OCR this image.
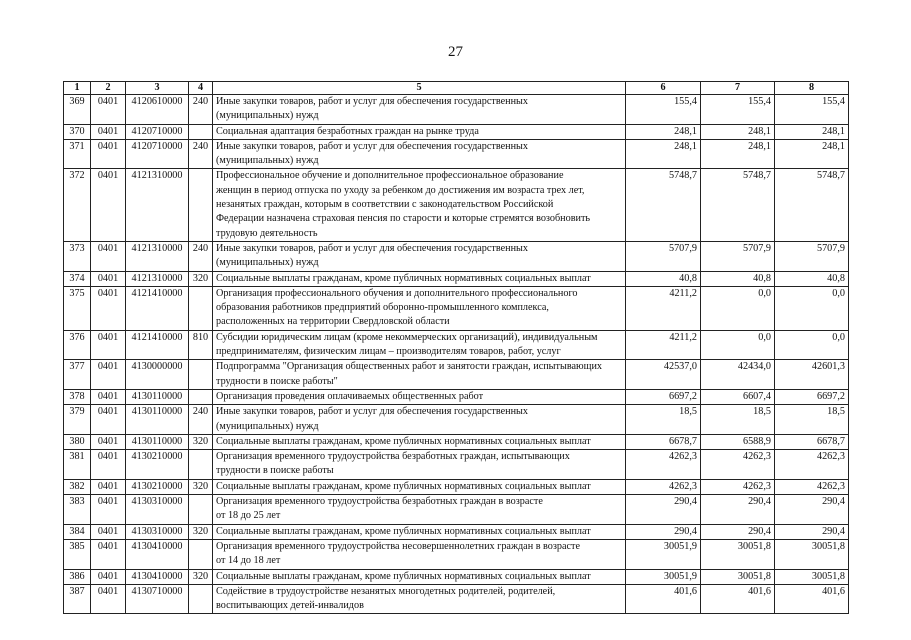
27
1	2	3	4	5	6	7	8
369	0401	4120610000	240	Иные закупки товаров, работ и услуг для обеспечения государственных
(муниципальных) нужд	155,4	155,4	155,4
370	0401	4120710000		Социальная адаптация безработных граждан на рынке труда	248,1	248,1	248,1
371	0401	4120710000	240	Иные закупки товаров, работ и услуг для обеспечения государственных
(муниципальных) нужд	248,1	248,1	248,1
372	0401	4121310000		Профессиональное обучение и дополнительное профессиональное образование
женщин в период отпуска по уходу за ребенком до достижения им возраста трех лет,
незанятых граждан, которым в соответствии с законодательством Российской
Федерации назначена страховая пенсия по старости и которые стремятся возобновить
трудовую деятельность	5748,7	5748,7	5748,7
373	0401	4121310000	240	Иные закупки товаров, работ и услуг для обеспечения государственных
(муниципальных) нужд	5707,9	5707,9	5707,9
374	0401	4121310000	320	Социальные выплаты гражданам, кроме публичных нормативных социальных выплат	40,8	40,8	40,8
375	0401	4121410000		Организация профессионального обучения и дополнительного профессионального
образования работников предприятий оборонно-промышленного комплекса,
расположенных на территории Свердловской области	4211,2	0,0	0,0
376	0401	4121410000	810	Субсидии юридическим лицам (кроме некоммерческих организаций), индивидуальным
предпринимателям, физическим лицам – производителям товаров, работ, услуг	4211,2	0,0	0,0
377	0401	4130000000		Подпрограмма "Организация общественных работ и занятости граждан, испытывающих
трудности в поиске работы"	42537,0	42434,0	42601,3
378	0401	4130110000		Организация проведения оплачиваемых общественных работ	6697,2	6607,4	6697,2
379	0401	4130110000	240	Иные закупки товаров, работ и услуг для обеспечения государственных
(муниципальных) нужд	18,5	18,5	18,5
380	0401	4130110000	320	Социальные выплаты гражданам, кроме публичных нормативных социальных выплат	6678,7	6588,9	6678,7
381	0401	4130210000		Организация временного трудоустройства безработных граждан, испытывающих
трудности в поиске работы	4262,3	4262,3	4262,3
382	0401	4130210000	320	Социальные выплаты гражданам, кроме публичных нормативных социальных выплат	4262,3	4262,3	4262,3
383	0401	4130310000		Организация временного трудоустройства безработных граждан в возрасте
от 18 до 25 лет	290,4	290,4	290,4
384	0401	4130310000	320	Социальные выплаты гражданам, кроме публичных нормативных социальных выплат	290,4	290,4	290,4
385	0401	4130410000		Организация временного трудоустройства несовершеннолетних граждан в возрасте
от 14 до 18 лет	30051,9	30051,8	30051,8
386	0401	4130410000	320	Социальные выплаты гражданам, кроме публичных нормативных социальных выплат	30051,9	30051,8	30051,8
387	0401	4130710000		Содействие в трудоустройстве незанятых многодетных родителей, родителей,
воспитывающих детей-инвалидов	401,6	401,6	401,6
